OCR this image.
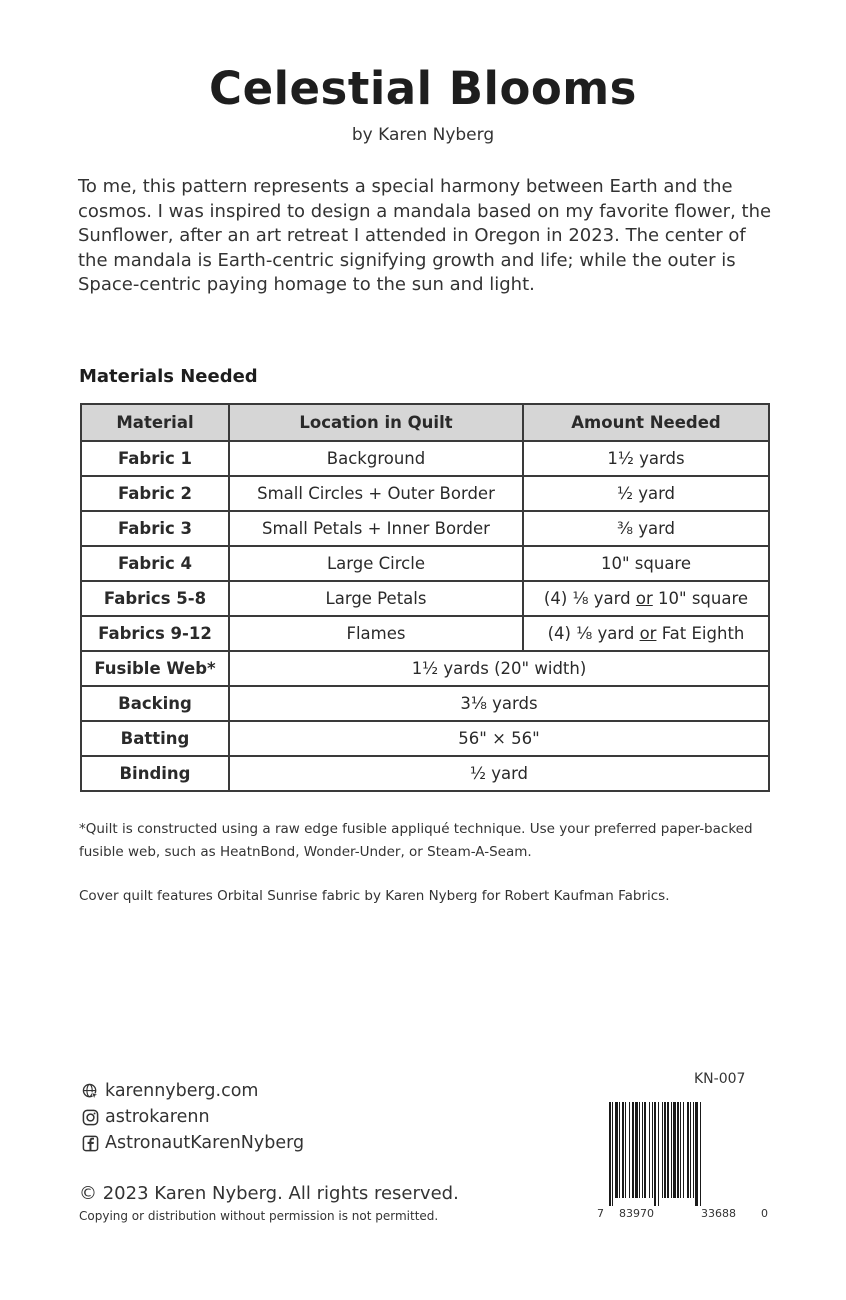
Celestial Blooms
by Karen Nyberg
To me, this pattern represents a special harmony between Earth and the cosmos. I was inspired to design a mandala based on my favorite flower, the Sunflower, after an art retreat I attended in Oregon in 2023. The center of the mandala is Earth-centric signifying growth and life; while the outer is Space-centric paying homage to the sun and light.
Materials Needed
Material	Location in Quilt	Amount Needed
Fabric 1	Background	1½ yards
Fabric 2	Small Circles + Outer Border	½ yard
Fabric 3	Small Petals + Inner Border	⅜ yard
Fabric 4	Large Circle	10" square
Fabrics 5-8	Large Petals	(4) ⅛ yard or 10" square
Fabrics 9-12	Flames	(4) ⅛ yard or Fat Eighth
Fusible Web*	1½ yards (20" width)	
Backing	3⅛ yards	
Batting	56" × 56"	
Binding	½ yard	
*Quilt is constructed using a raw edge fusible appliqué technique. Use your preferred paper-backed fusible web, such as HeatnBond, Wonder-Under, or Steam-A-Seam.
Cover quilt features Orbital Sunrise fabric by Karen Nyberg for Robert Kaufman Fabrics.
karennyberg.com
astrokarenn
AstronautKarenNyberg
© 2023 Karen Nyberg. All rights reserved.
Copying or distribution without permission is not permitted.
KN-007
7 83970	33688 0
